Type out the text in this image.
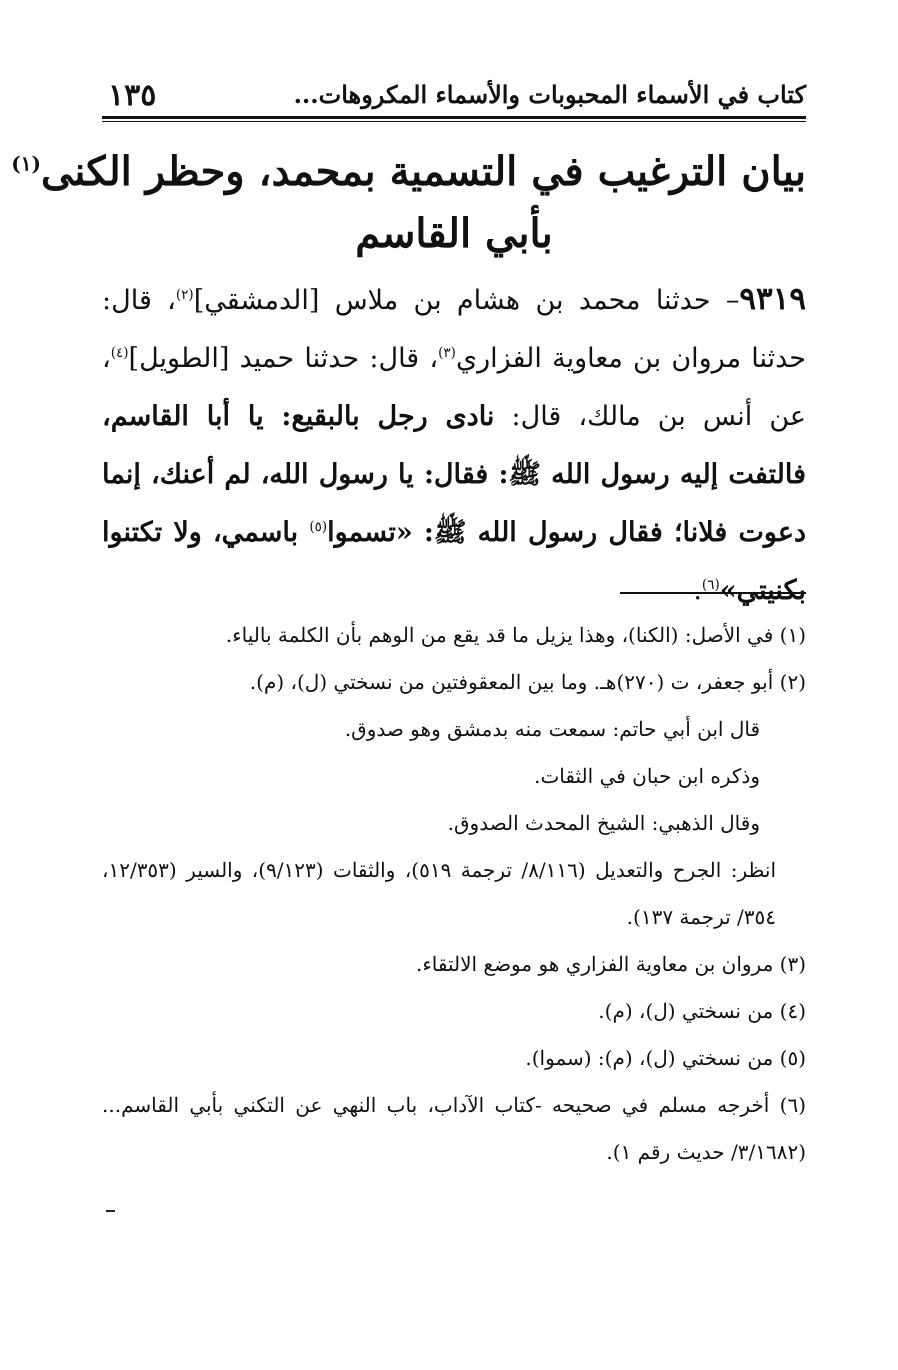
كتاب في الأسماء المحبوبات والأسماء المكروهات...
١٣٥
بيان الترغيب في التسمية بمحمد، وحظر الكنى$^{(١)}$
بأبي القاسم
٩٣١٩– حدثنا محمد بن هشام بن ملاس [الدمشقي]$^{(٢)}$، قال: حدثنا مروان بن معاوية الفزاري$^{(٣)}$، قال: حدثنا حميد [الطويل]$^{(٤)}$، عن أنس بن مالك، قال: نادى رجل بالبقيع: يا أبا القاسم، فالتفت إليه رسول الله ﷺ: فقال: يا رسول الله، لم أعنك، إنما دعوت فلانا؛ فقال رسول الله ﷺ: «تسموا$^{(٥)}$ باسمي، ولا تكتنوا بكنيتي»$^{(٦)}$.

(١) في الأصل: (الكنا)، وهذا يزيل ما قد يقع من الوهم بأن الكلمة بالياء.

(٢) أبو جعفر، ت (٢٧٠)هـ. وما بين المعقوفتين من نسختي (ل)، (م).

قال ابن أبي حاتم: سمعت منه بدمشق وهو صدوق.

وذكره ابن حبان في الثقات.

وقال الذهبي: الشيخ المحدث الصدوق.

انظر: الجرح والتعديل (٨/١١٦/ ترجمة ٥١٩)، والثقات (٩/١٢٣)، والسير (١٢/٣٥٣، ٣٥٤/ ترجمة ١٣٧).

(٣) مروان بن معاوية الفزاري هو موضع الالتقاء.

(٤) من نسختي (ل)، (م).

(٥) من نسختي (ل)، (م): (سموا).

(٦) أخرجه مسلم في صحيحه -كتاب الآداب، باب النهي عن التكني بأبي القاسم... (٣/١٦٨٢/ حديث رقم ١).
